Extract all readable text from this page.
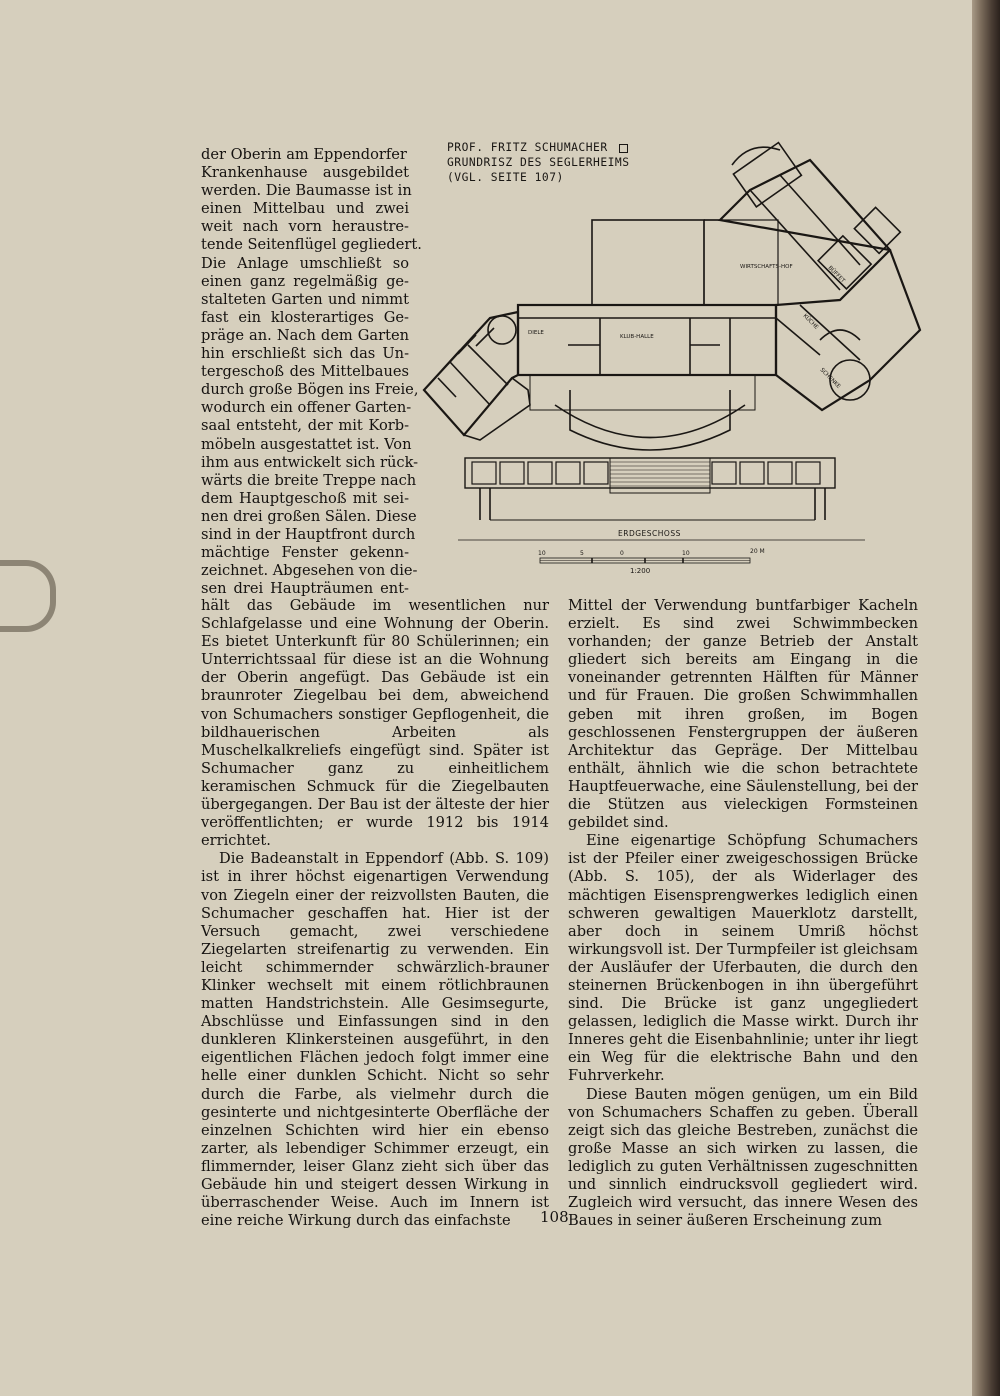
PROF. FRITZ SCHUMACHER
GRUNDRISZ DES SEGLERHEIMS
(VGL. SEITE 107)
WIRTSCHAFTS-HOF
KLUB-HALLE
DIELE
KÜCHE
BÜFFET
SCHENKE
ERDGESCHOSS
10	5	0	10	20 M
1:200
der Oberin am Eppendorfer
Krankenhause ausgebildet
werden. Die Baumasse ist in
einen Mittelbau und zwei
weit nach vorn heraustre-
tende Seitenflügel gegliedert.
Die Anlage umschließt so
einen ganz regelmäßig ge-
stalteten Garten und nimmt
fast ein klosterartiges Ge-
präge an. Nach dem Garten
hin erschließt sich das Un-
tergeschoß des Mittelbaues
durch große Bögen ins Freie,
wodurch ein offener Garten-
saal entsteht, der mit Korb-
möbeln ausgestattet ist. Von
ihm aus entwickelt sich rück-
wärts die breite Treppe nach
dem Hauptgeschoß mit sei-
nen drei großen Sälen. Diese
sind in der Hauptfront durch
mächtige Fenster gekenn-
zeichnet. Abgesehen von die-
sen drei Haupträumen ent-

hält das Gebäude im wesentlichen nur Schlafgelasse und eine Wohnung der Oberin. Es bietet Unterkunft für 80 Schülerinnen; ein Unterrichtssaal für diese ist an die Wohnung der Oberin angefügt. Das Gebäude ist ein braunroter Ziegelbau bei dem, abweichend von Schumachers sonstiger Gepflogenheit, die bildhauerischen Arbeiten als Muschelkalkreliefs eingefügt sind. Später ist Schumacher ganz zu einheitlichem keramischen Schmuck für die Ziegelbauten übergegangen. Der Bau ist der älteste der hier veröffentlichten; er wurde 1912 bis 1914 errichtet.

Die Badeanstalt in Eppendorf (Abb. S. 109) ist in ihrer höchst eigenartigen Verwendung von Ziegeln einer der reizvollsten Bauten, die Schumacher geschaffen hat. Hier ist der Versuch gemacht, zwei verschiedene Ziegelarten streifenartig zu verwenden. Ein leicht schimmernder schwärzlich-brauner Klinker wechselt mit einem rötlichbraunen matten Handstrichstein. Alle Gesimsegurte, Abschlüsse und Einfassungen sind in den dunkleren Klinkersteinen ausgeführt, in den eigentlichen Flächen jedoch folgt immer eine helle einer dunklen Schicht. Nicht so sehr durch die Farbe, als vielmehr durch die gesinterte und nichtgesinterte Oberfläche der einzelnen Schichten wird hier ein ebenso zarter, als lebendiger Schimmer erzeugt, ein flimmernder, leiser Glanz zieht sich über das Gebäude hin und steigert dessen Wirkung in überraschender Weise. Auch im Innern ist eine reiche Wirkung durch das einfachste

Mittel der Verwendung buntfarbiger Kacheln erzielt. Es sind zwei Schwimmbecken vorhanden; der ganze Betrieb der Anstalt gliedert sich bereits am Eingang in die voneinander getrennten Hälften für Männer und für Frauen. Die großen Schwimmhallen geben mit ihren großen, im Bogen geschlossenen Fenstergruppen der äußeren Architektur das Gepräge. Der Mittelbau enthält, ähnlich wie die schon betrachtete Hauptfeuerwache, eine Säulenstellung, bei der die Stützen aus vieleckigen Formsteinen gebildet sind.

Eine eigenartige Schöpfung Schumachers ist der Pfeiler einer zweigeschossigen Brücke (Abb. S. 105), der als Widerlager des mächtigen Eisensprengwerkes lediglich einen schweren gewaltigen Mauerklotz darstellt, aber doch in seinem Umriß höchst wirkungsvoll ist. Der Turmpfeiler ist gleichsam der Ausläufer der Uferbauten, die durch den steinernen Brückenbogen in ihn übergeführt sind. Die Brücke ist ganz ungegliedert gelassen, lediglich die Masse wirkt. Durch ihr Inneres geht die Eisenbahnlinie; unter ihr liegt ein Weg für die elektrische Bahn und den Fuhrverkehr.

Diese Bauten mögen genügen, um ein Bild von Schumachers Schaffen zu geben. Überall zeigt sich das gleiche Bestreben, zunächst die große Masse an sich wirken zu lassen, die lediglich zu guten Verhältnissen zugeschnitten und sinnlich eindrucksvoll gegliedert wird. Zugleich wird versucht, das innere Wesen des Baues in seiner äußeren Erscheinung zum

108
